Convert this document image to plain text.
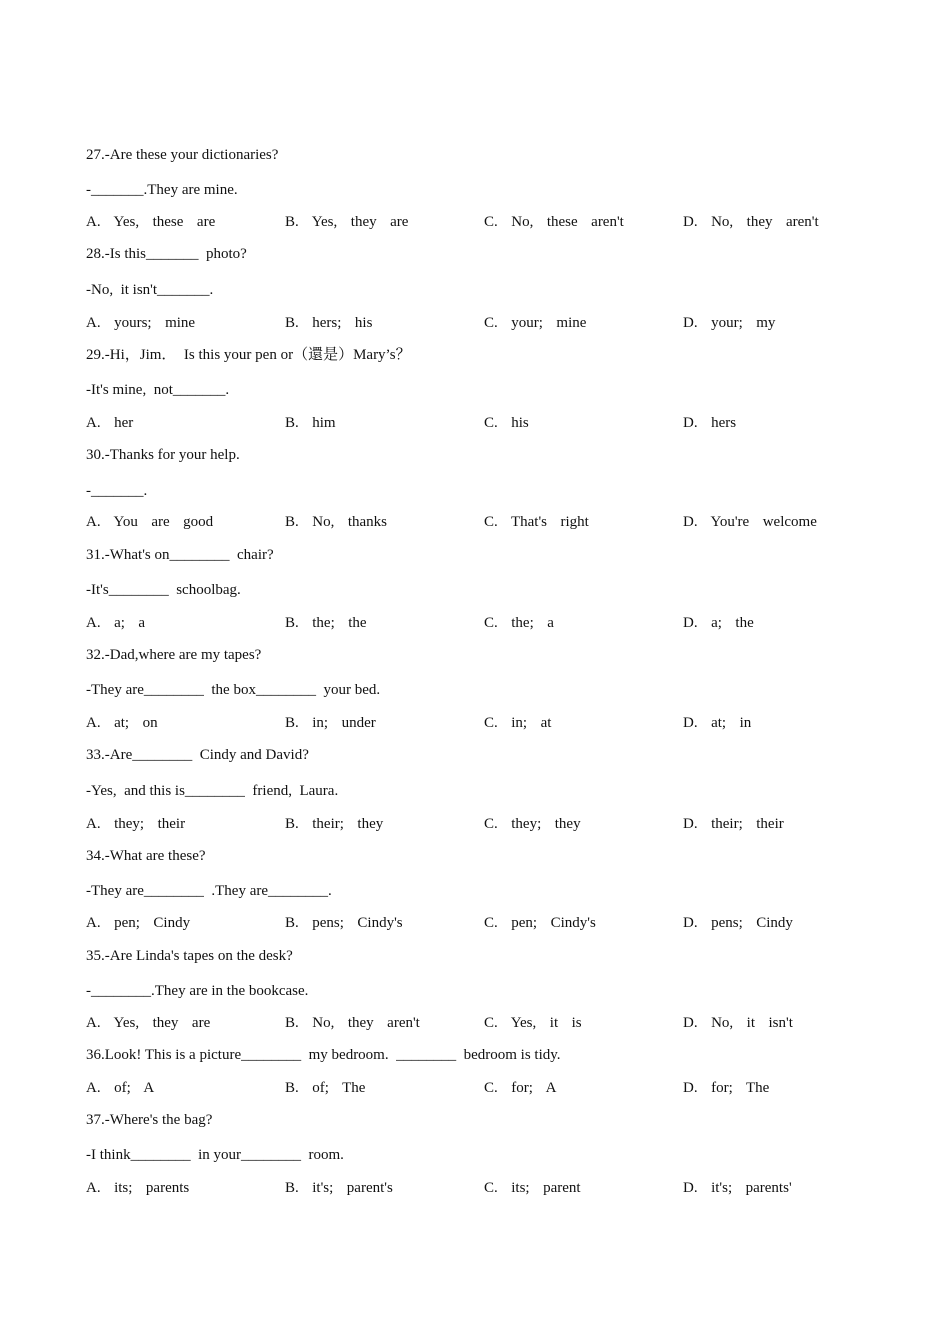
27.-Are these your dictionaries?
-_______.They are mine.
A.  Yes,  these  are	B.  Yes,  they  are	C.  No,  these  aren't	D.  No,  they  aren't
28.-Is this_______  photo?
-No,  it isn't_______.
A.  yours;  mine	B.  hers;  his	C.  your;  mine	D.  your;  my
29.-Hi，Jim．  Is this your pen or（還是）Mary’s？
-It's mine,  not_______.
A.  her	B.  him	C.  his	D.  hers
30.-Thanks for your help.
-_______.
A.  You  are  good	B.  No,  thanks	C.  That's  right	D.  You're  welcome
31.-What's on________  chair?
-It's________  schoolbag.
A.  a;  a	B.  the;  the	C.  the;  a	D.  a;  the
32.-Dad,where are my tapes?
-They are________  the box________  your bed.
A.  at;  on	B.  in;  under	C.  in;  at	D.  at;  in
33.-Are________  Cindy and David?
-Yes,  and this is________  friend,  Laura.
A.  they;  their	B.  their;  they	C.  they;  they	D.  their;  their
34.-What are these?
-They are________  .They are________.
A.  pen;  Cindy	B.  pens;  Cindy's	C.  pen;  Cindy's	D.  pens;  Cindy
35.-Are Linda's tapes on the desk?
-________.They are in the bookcase.
A.  Yes,  they  are	B.  No,  they  aren't	C.  Yes,  it  is	D.  No,  it  isn't
36.Look! This is a picture________  my bedroom.  ________  bedroom is tidy.
A.  of;  A	B.  of;  The	C.  for;  A	D.  for;  The
37.-Where's the bag?
-I think________  in your________  room.
A.  its;  parents	B.  it's;  parent's	C.  its;  parent	D.  it's;  parents'
